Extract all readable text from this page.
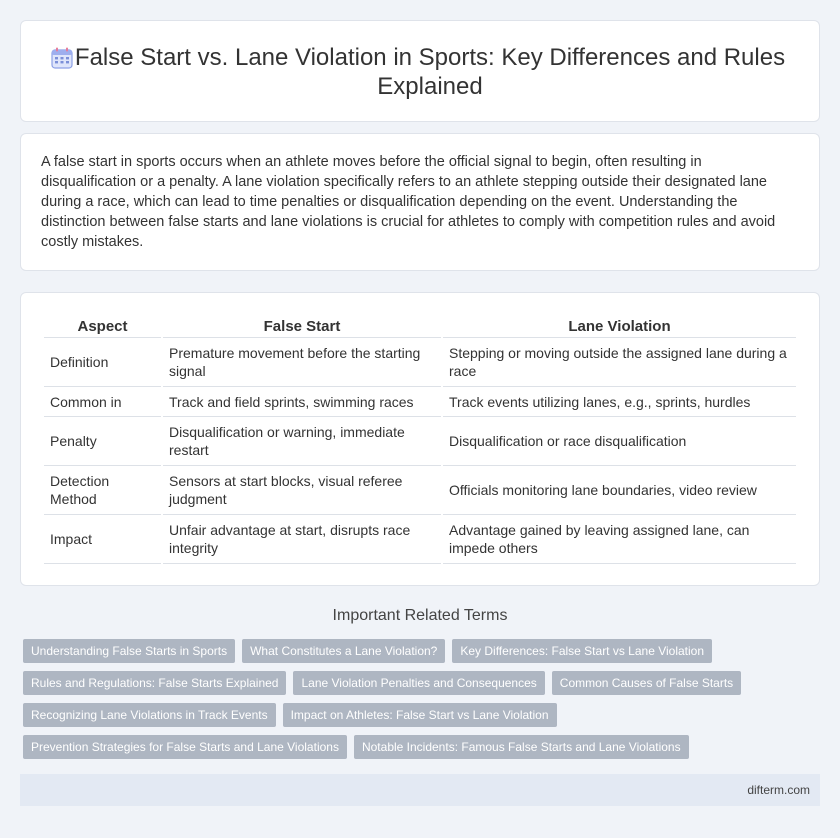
False Start vs. Lane Violation in Sports: Key Differences and Rules Explained

A false start in sports occurs when an athlete moves before the official signal to begin, often resulting in disqualification or a penalty. A lane violation specifically refers to an athlete stepping outside their designated lane during a race, which can lead to time penalties or disqualification depending on the event. Understanding the distinction between false starts and lane violations is crucial for athletes to comply with competition rules and avoid costly mistakes.

Aspect	False Start	Lane Violation
Definition	Premature movement before the starting signal	Stepping or moving outside the assigned lane during a race
Common in	Track and field sprints, swimming races	Track events utilizing lanes, e.g., sprints, hurdles
Penalty	Disqualification or warning, immediate restart	Disqualification or race disqualification
Detection Method	Sensors at start blocks, visual referee judgment	Officials monitoring lane boundaries, video review
Impact	Unfair advantage at start, disrupts race integrity	Advantage gained by leaving assigned lane, can impede others
Important Related Terms
Understanding False Starts in Sports	What Constitutes a Lane Violation?	Key Differences: False Start vs Lane Violation
Rules and Regulations: False Starts Explained	Lane Violation Penalties and Consequences	Common Causes of False Starts
Recognizing Lane Violations in Track Events	Impact on Athletes: False Start vs Lane Violation
Prevention Strategies for False Starts and Lane Violations	Notable Incidents: Famous False Starts and Lane Violations
difterm.com
